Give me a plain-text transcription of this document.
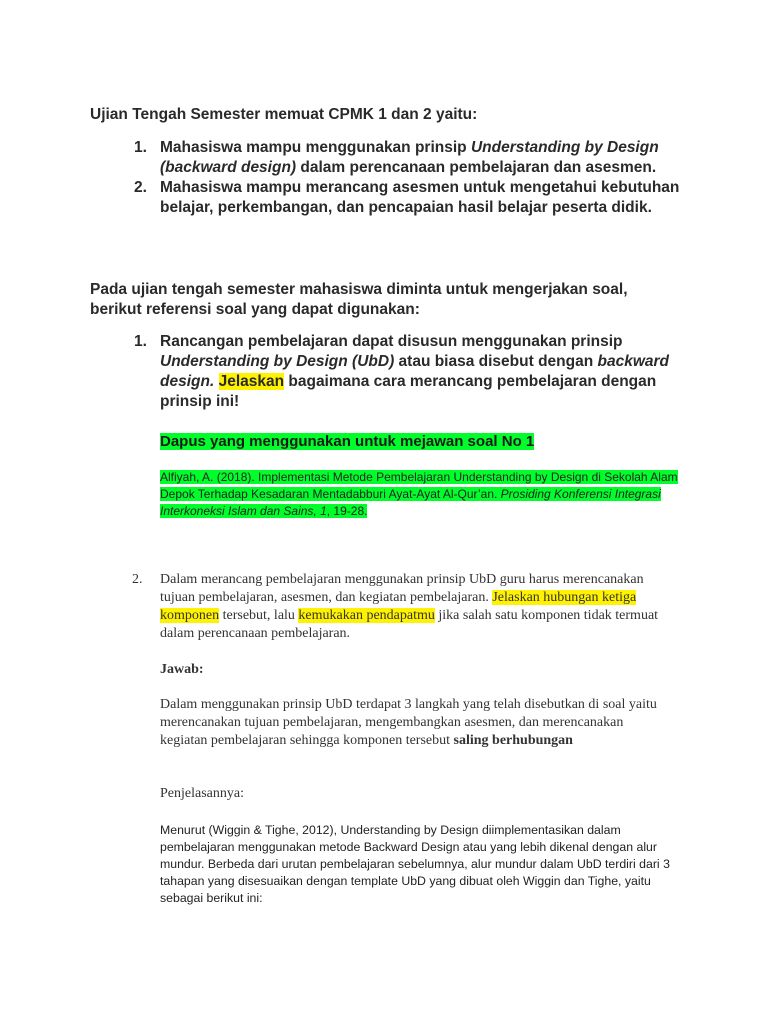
Ujian Tengah Semester memuat CPMK 1 dan 2 yaitu:
1. Mahasiswa mampu menggunakan prinsip Understanding by Design (backward design) dalam perencanaan pembelajaran dan asesmen.
2. Mahasiswa mampu merancang asesmen untuk mengetahui kebutuhan belajar, perkembangan, dan pencapaian hasil belajar peserta didik.
Pada ujian tengah semester mahasiswa diminta untuk mengerjakan soal, berikut referensi soal yang dapat digunakan:
1. Rancangan pembelajaran dapat disusun menggunakan prinsip Understanding by Design (UbD) atau biasa disebut dengan backward design. Jelaskan bagaimana cara merancang pembelajaran dengan prinsip ini!
Dapus yang menggunakan untuk mejawan soal No 1
Alfiyah, A. (2018). Implementasi Metode Pembelajaran Understanding by Design di Sekolah Alam Depok Terhadap Kesadaran Mentadabburi Ayat-Ayat Al-Qur’an. Prosiding Konferensi Integrasi Interkoneksi Islam dan Sains, 1, 19-28.
2. Dalam merancang pembelajaran menggunakan prinsip UbD guru harus merencanakan tujuan pembelajaran, asesmen, dan kegiatan pembelajaran. Jelaskan hubungan ketiga komponen tersebut, lalu kemukakan pendapatmu jika salah satu komponen tidak termuat dalam perencanaan pembelajaran.
Jawab:
Dalam menggunakan prinsip UbD terdapat 3 langkah yang telah disebutkan di soal yaitu merencanakan tujuan pembelajaran, mengembangkan asesmen, dan merencanakan kegiatan pembelajaran sehingga komponen tersebut saling berhubungan
Penjelasannya:
Menurut (Wiggin & Tighe, 2012), Understanding by Design diimplementasikan dalam pembelajaran menggunakan metode Backward Design atau yang lebih dikenal dengan alur mundur. Berbeda dari urutan pembelajaran sebelumnya, alur mundur dalam UbD terdiri dari 3 tahapan yang disesuaikan dengan template UbD yang dibuat oleh Wiggin dan Tighe, yaitu sebagai berikut ini:
